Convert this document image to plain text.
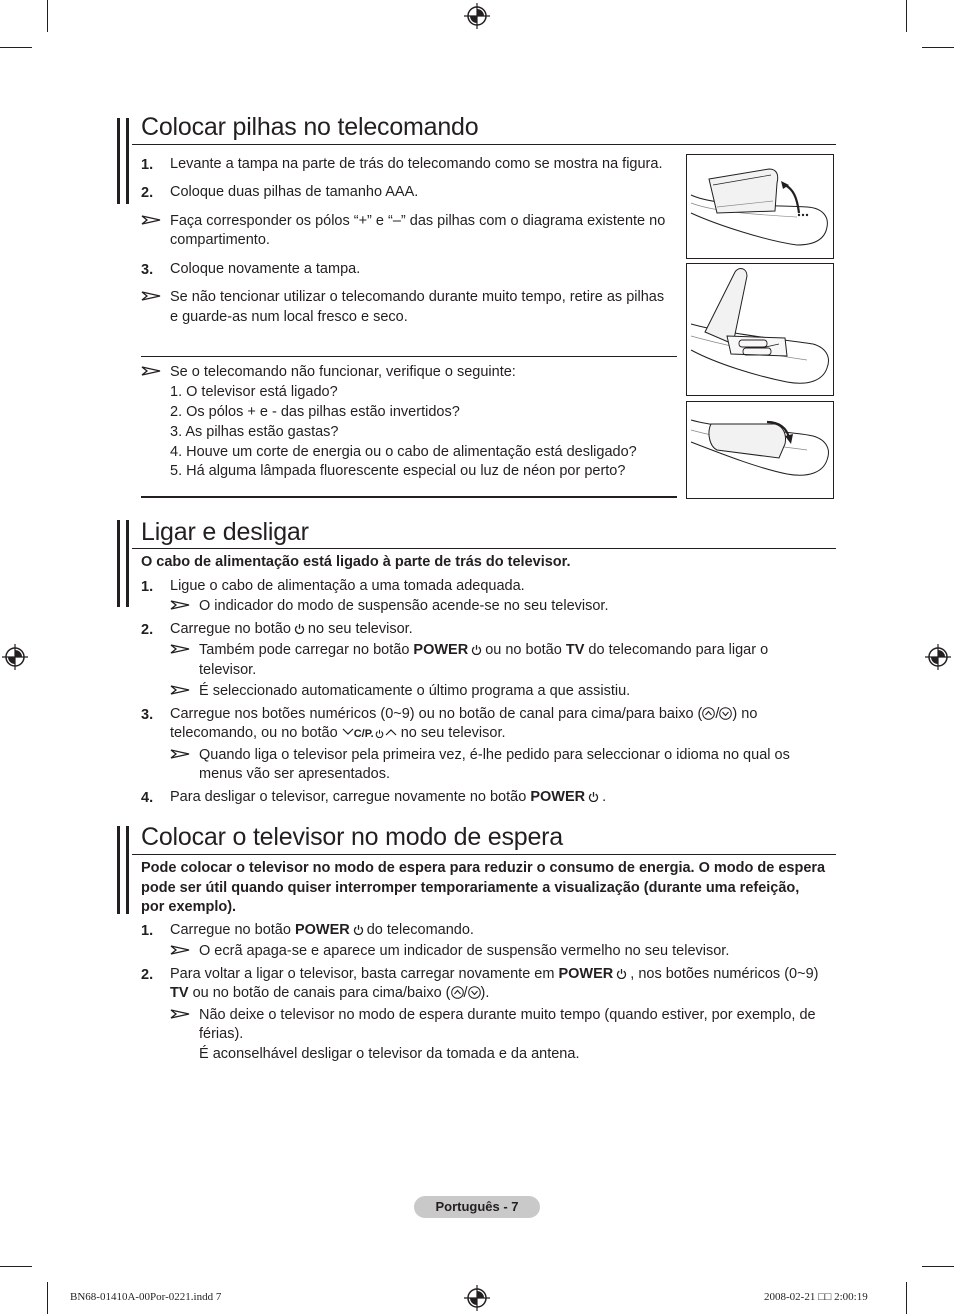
Colocar pilhas no telecomando
1. Levante a tampa na parte de trás do telecomando como se mostra na figura.
2. Coloque duas pilhas de tamanho AAA.
Faça corresponder os pólos “+” e “–” das pilhas com o diagrama existente no
compartimento.
3. Coloque novamente a tampa.
Se não tencionar utilizar o telecomando durante muito tempo, retire as pilhas
e guarde-as num local fresco e seco.
Se o telecomando não funcionar, verifique o seguinte:
1. O televisor está ligado?
2. Os pólos + e - das pilhas estão invertidos?
3. As pilhas estão gastas?
4. Houve um corte de energia ou o cabo de alimentação está desligado?
5. Há alguma lâmpada fluorescente especial ou luz de néon por perto?
Ligar e desligar
O cabo de alimentação está ligado à parte de trás do televisor.
1. Ligue o cabo de alimentação a uma tomada adequada.
O indicador do modo de suspensão acende-se no seu televisor.
2. Carregue no botão no seu televisor.
Também pode carregar no botão POWER ou no botão TV do telecomando para ligar o
televisor.
É seleccionado automaticamente o último programa a que assistiu.
3. Carregue nos botões numéricos (0~9) ou no botão de canal para cima/para baixo ( / ) no
telecomando, ou no botão C/P. no seu televisor.
Quando liga o televisor pela primeira vez, é-lhe pedido para seleccionar o idioma no qual os
menus vão ser apresentados.
4. Para desligar o televisor, carregue novamente no botão POWER .
Colocar o televisor no modo de espera
Pode colocar o televisor no modo de espera para reduzir o consumo de energia. O modo de espera
pode ser útil quando quiser interromper temporariamente a visualização (durante uma refeição,
por exemplo).
1. Carregue no botão POWER do telecomando.
O ecrã apaga-se e aparece um indicador de suspensão vermelho no seu televisor.
2. Para voltar a ligar o televisor, basta carregar novamente em POWER , nos botões numéricos (0~9)
TV ou no botão de canais para cima/baixo ( / ).
Não deixe o televisor no modo de espera durante muito tempo (quando estiver, por exemplo, de
férias).
É aconselhável desligar o televisor da tomada e da antena.
Português - 7
BN68-01410A-00Por-0221.indd 7	2008-02-21 □□ 2:00:19
